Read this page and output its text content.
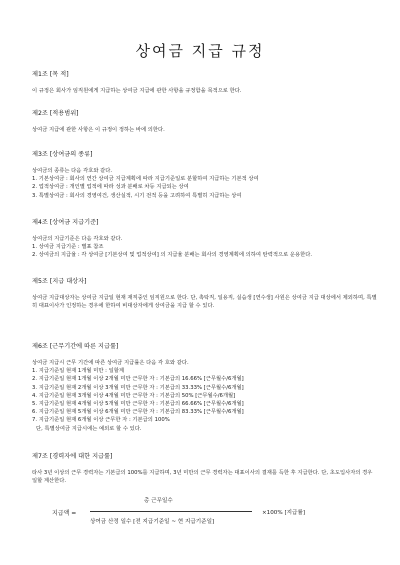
상여금 지급 규정
제1조 [목 적]
이 규정은 회사가 임직원에게 지급하는 상여금 지급에 관한 사항을 규정함을 목적으로 한다.
제2조 [적용범위]
상여금 지급에 관한 사항은 이 규정이 정하는 바에 의한다.
제3조 [상여금의 종류]
상여금의 종류는 다음 각호와 같다.
1. 기본상여금 : 회사의 연간 상여금 지급계획에 따라 지급기준일로 분할하여 지급하는 기본적 상여
2. 업적상여금 : 개인별 업적에 따라 성과 분배로 차등 지급되는 상여
3. 특별상여금 : 회사의 경영여건, 생산실적, 시기 전적 등을 고려하여 특별히 지급하는 상여
제4조 [상여금 지급기준]
상여금의 지급기준은 다음 각호와 같다.
1. 상여금 지급기준 : 별표 참조
2. 상여금의 지급율 : 각 상여금 [기본상여 및 업적상여] 의 지급율 분배는 회사의 경영계획에 의하여 탄력적으로 운용한다.
제5조 [지급 대상자]
상여금 지급대상자는 상여금 지급일 현재 재직중인 임직원으로 한다. 단, 촉탁직, 일용직, 실습생 [연수생] 사원은 상여금 지급 대상에서 제외하며, 특별히 대표이사가 인정하는 경우에 한하여 비대상자에게 상여금을 지급 할 수 있다.
제6조 [근무기간에 따른 지급률]
상여금 지급시 근무 기간에 따른 상여금 지급률은 다음 각 호와 같다.
1. 지급기준일 현재 1개월 미만 : 일할계
2. 지급기준일 현재 1개월 이상 2개월 미만 근무한 자 : 기본급의 16.66% [근무월수/6개월]
3. 지급기준일 현재 2개월 이상 3개월 미만 근무한 자 : 기본급의 33.33% [근무월수/6개월]
4. 지급기준일 현재 3개월 이상 4개월 미만 근무한 자 : 기본급의 50% [근무월수/6개월]
5. 지급기준일 현재 4개월 이상 5개월 미만 근무한 자 : 기본급의 66.66% [근무월수/6개월]
6. 지급기준일 현재 5개월 이상 6개월 미만 근무한 자 : 기본급의 83.33% [근무월수/6개월]
7. 지급기준일 현재 6개월 이상 근무한 자 : 기본급의 100%
단, 특별상여금 지급시에는 예외로 할 수 있다.
제7조 [경력자에 대한 지급률]
타사 3년 이상의 근무 경력자는 기본급의 100%를 지급하며, 3년 미만의 근무 경력자는 대표이사의 결재를 득한 후 지급한다. 단, 초도입사자의 경우 일할 계산한다.
지급액 =
총 근무일수
상여금 산정 일수 [전 지급기준일 ~ 현 지급기준일]
×100% [지급률]
